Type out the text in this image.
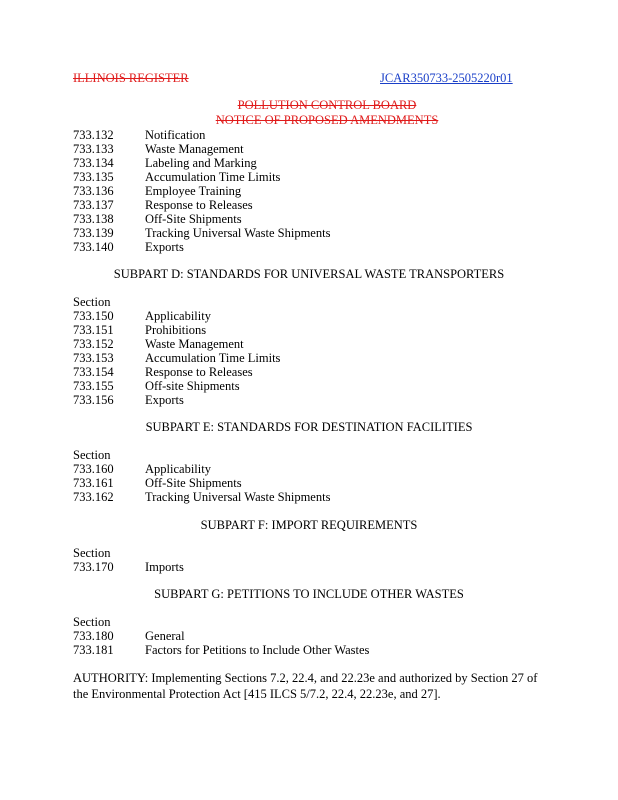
ILLINOIS REGISTER	JCAR350733-2505220r01
POLLUTION CONTROL BOARD
NOTICE OF PROPOSED AMENDMENTS
733.132	Notification
733.133	Waste Management
733.134	Labeling and Marking
733.135	Accumulation Time Limits
733.136	Employee Training
733.137	Response to Releases
733.138	Off-Site Shipments
733.139	Tracking Universal Waste Shipments
733.140	Exports
SUBPART D: STANDARDS FOR UNIVERSAL WASTE TRANSPORTERS
Section
733.150	Applicability
733.151	Prohibitions
733.152	Waste Management
733.153	Accumulation Time Limits
733.154	Response to Releases
733.155	Off-site Shipments
733.156	Exports
SUBPART E: STANDARDS FOR DESTINATION FACILITIES
Section
733.160	Applicability
733.161	Off-Site Shipments
733.162	Tracking Universal Waste Shipments
SUBPART F: IMPORT REQUIREMENTS
Section
733.170	Imports
SUBPART G: PETITIONS TO INCLUDE OTHER WASTES
Section
733.180	General
733.181	Factors for Petitions to Include Other Wastes
AUTHORITY: Implementing Sections 7.2, 22.4, and 22.23e and authorized by Section 27 of the Environmental Protection Act [415 ILCS 5/7.2, 22.4, 22.23e, and 27].
